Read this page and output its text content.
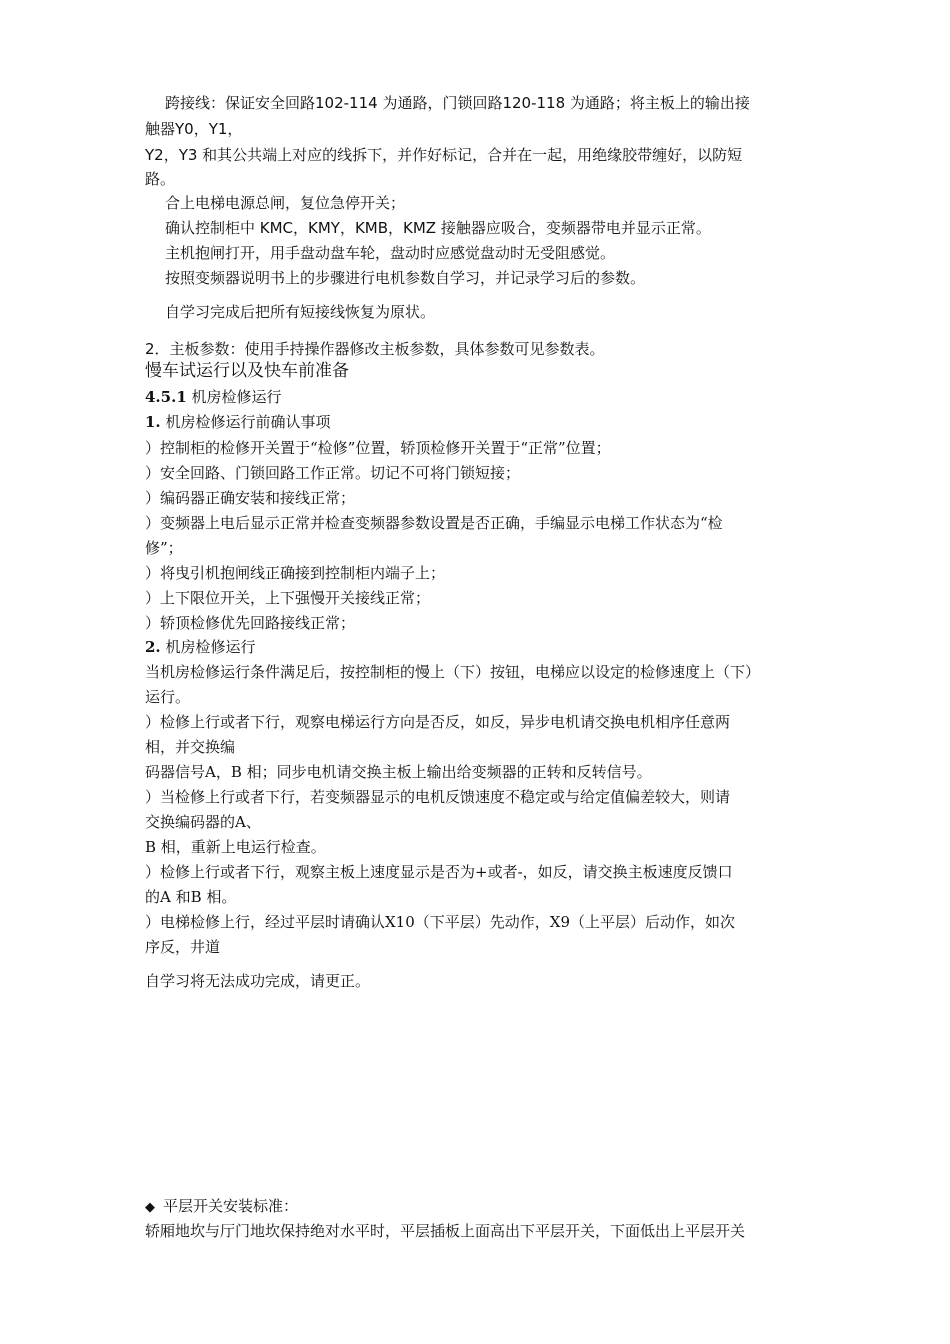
跨接线：保证安全回路102-114 为通路，门锁回路120-118 为通路；将主板上的输出接
触器Y0，Y1，
Y2，Y3 和其公共端上对应的线拆下，并作好标记，合并在一起，用绝缘胶带缠好，以防短
路。
合上电梯电源总闸，复位急停开关；
确认控制柜中 KMC，KMY，KMB，KMZ 接触器应吸合，变频器带电并显示正常。
主机抱闸打开，用手盘动盘车轮，盘动时应感觉盘动时无受阻感觉。
按照变频器说明书上的步骤进行电机参数自学习，并记录学习后的参数。
自学习完成后把所有短接线恢复为原状。
2．主板参数：使用手持操作器修改主板参数，具体参数可见参数表。
慢车试运行以及快车前准备
4.5.1 机房检修运行
1. 机房检修运行前确认事项
）控制柜的检修开关置于“检修”位置，轿顶检修开关置于“正常”位置；
）安全回路、门锁回路工作正常。切记不可将门锁短接；
）编码器正确安装和接线正常；
）变频器上电后显示正常并检查变频器参数设置是否正确，手编显示电梯工作状态为“检
修”；
）将曳引机抱闸线正确接到控制柜内端子上；
）上下限位开关，上下强慢开关接线正常；
）轿顶检修优先回路接线正常；
2. 机房检修运行
当机房检修运行条件满足后，按控制柜的慢上（下）按钮，电梯应以设定的检修速度上（下）
运行。
）检修上行或者下行，观察电梯运行方向是否反，如反，异步电机请交换电机相序任意两
相，并交换编
码器信号A，B 相；同步电机请交换主板上输出给变频器的正转和反转信号。
）当检修上行或者下行，若变频器显示的电机反馈速度不稳定或与给定值偏差较大，则请
交换编码器的A、
B 相，重新上电运行检查。
）检修上行或者下行，观察主板上速度显示是否为+或者-，如反，请交换主板速度反馈口
的A 和B 相。
）电梯检修上行，经过平层时请确认X10（下平层）先动作，X9（上平层）后动作，如次
序反，井道
自学习将无法成功完成，请更正。
◆ 平层开关安装标准：
轿厢地坎与厅门地坎保持绝对水平时，平层插板上面高出下平层开关，下面低出上平层开关
